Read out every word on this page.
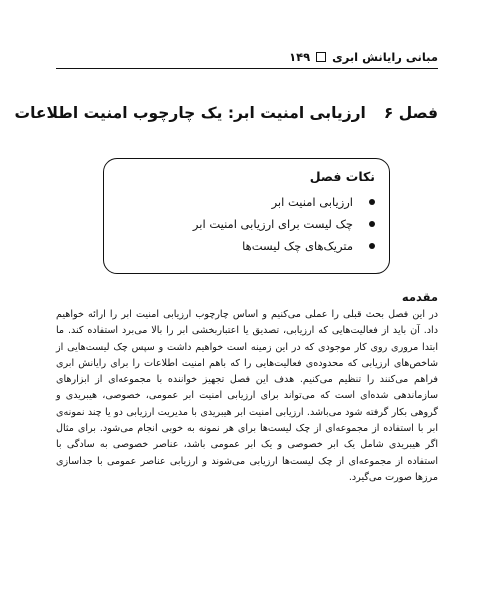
مبانی رایانش ابری
۱۴۹
فصل ۶ارزیابی امنیت ابر: یک چارچوب امنیت اطلاعات
نکات فصل
ارزیابی امنیت ابر
چک لیست برای ارزیابی امنیت ابر
متریک‌های چک لیست‌ها
مقدمه

در این فصل بحث قبلی را عملی می‌کنیم و اساس چارچوب ارزیابی امنیت ابر را ارائه خواهیم داد. آن باید از فعالیت‌هایی که ارزیابی، تصدیق یا اعتباربخشی ابر را بالا می‌برد استفاده کند. ما ابتدا مروری روی کار موجودی که در این زمینه است خواهیم داشت و سپس چک لیست‌هایی از شاخص‌های ارزیابی که محدوده‌ی فعالیت‌هایی را که باهم امنیت اطلاعات را برای رایانش ابری فراهم می‌کنند را تنظیم می‌کنیم. هدف این فصل تجهیز خواننده با مجموعه‌ای از ابزارهای سازماندهی شده‌ای است که می‌تواند برای ارزیابی امنیت ابر عمومی، خصوصی، هیبریدی و گروهی بکار گرفته شود می‌باشد. ارزیابی امنیت ابر هیبریدی با مدیریت ارزیابی دو یا چند نمونه‌ی ابر با استفاده از مجموعه‌ای از چک لیست‌ها برای هر نمونه به خوبی انجام می‌شود. برای مثال اگر هیبریدی شامل یک ابر خصوصی و یک ابر عمومی باشد، عناصر خصوصی به سادگی با استفاده از مجموعه‌ای از چک لیست‌ها ارزیابی می‌شوند و ارزیابی عناصر عمومی با جداسازی مرزها صورت می‌گیرد.
